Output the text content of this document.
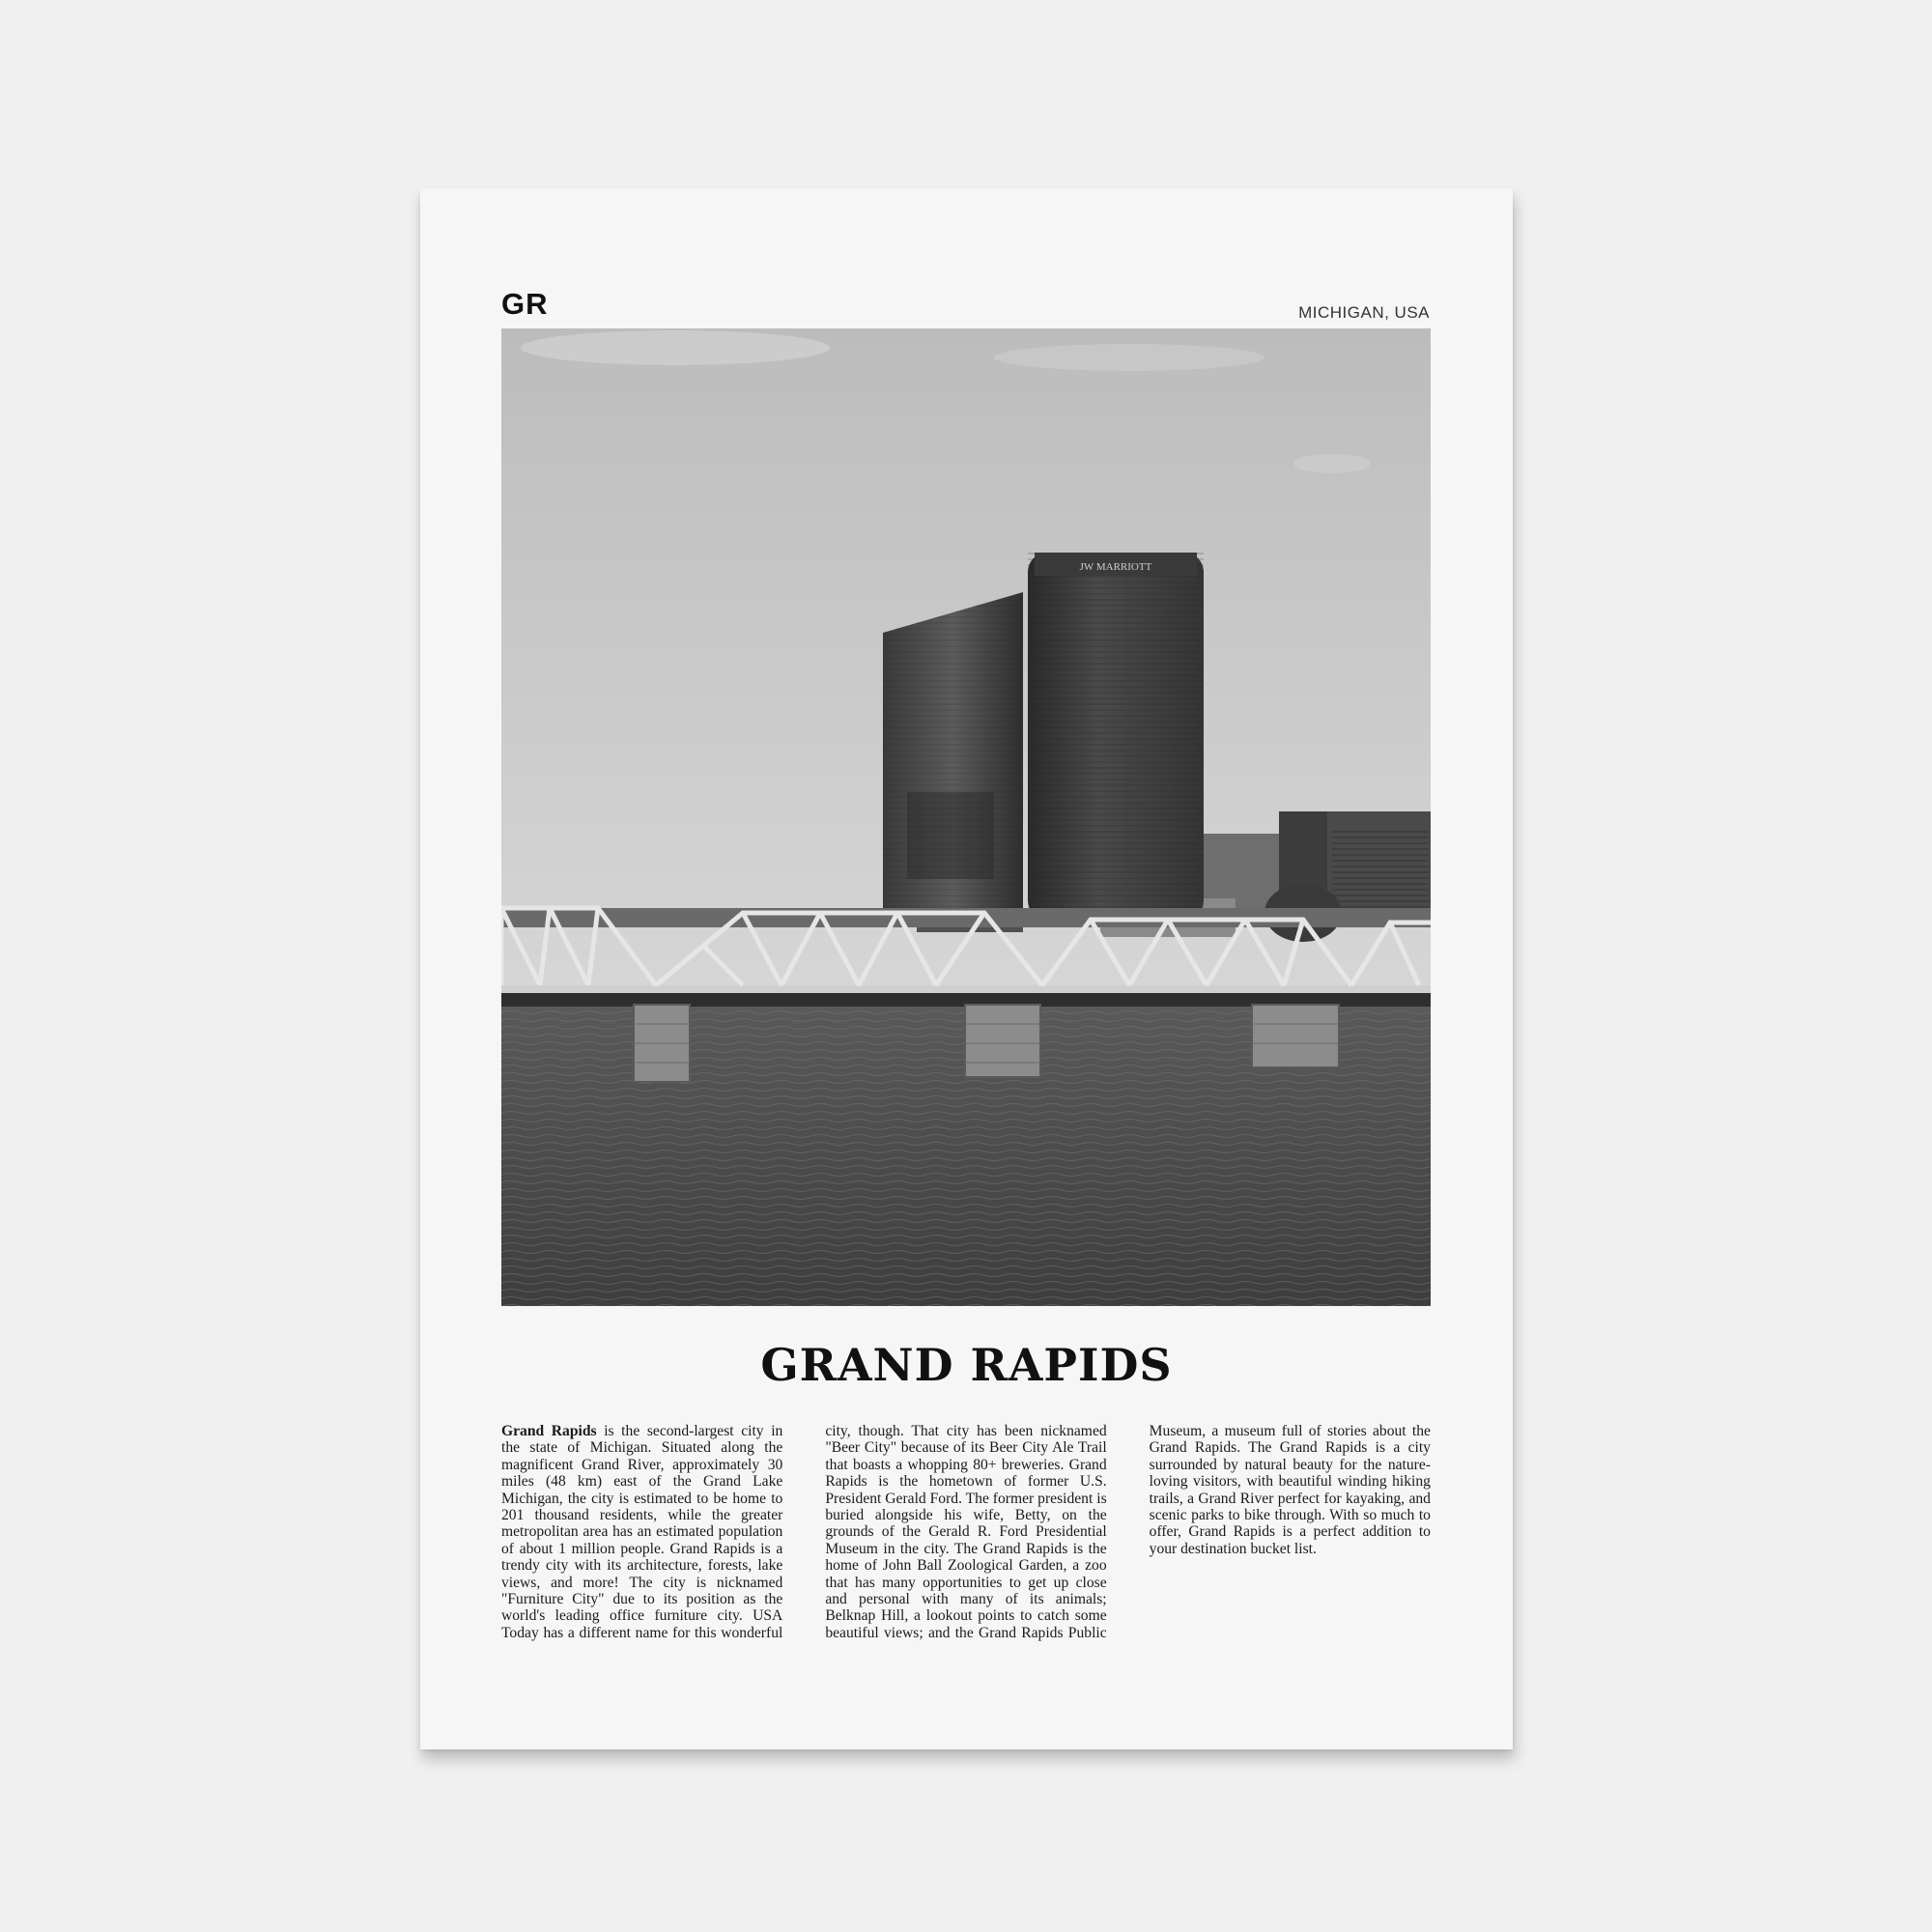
GR	MICHIGAN, USA
JW MARRIOTT
GRAND RAPIDS
Grand Rapids is the second-largest city in the state of Michigan. Situated along the magnificent Grand River, approximately 30 miles (48 km) east of the Grand Lake Michigan, the city is estimated to be home to 201 thousand residents, while the greater metropolitan area has an estimated population of about 1 million people. Grand Rapids is a trendy city with its architecture, forests, lake views, and more! The city is nicknamed "Furniture City" due to its position as the world's leading office furniture city. USA Today has a different name for this wonderful city, though. That city has been nicknamed "Beer City" because of its Beer City Ale Trail that boasts a whopping 80+ breweries. Grand Rapids is the hometown of former U.S. President Gerald Ford. The former president is buried alongside his wife, Betty, on the grounds of the Gerald R. Ford Presidential Museum in the city. The Grand Rapids is the home of John Ball Zoological Garden, a zoo that has many opportunities to get up close and personal with many of its animals; Belknap Hill, a lookout points to catch some beautiful views; and the Grand Rapids Public Museum, a museum full of stories about the Grand Rapids. The Grand Rapids is a city surrounded by natural beauty for the nature-loving visitors, with beautiful winding hiking trails, a Grand River perfect for kayaking, and scenic parks to bike through. With so much to offer, Grand Rapids is a perfect addition to your destination bucket list.
